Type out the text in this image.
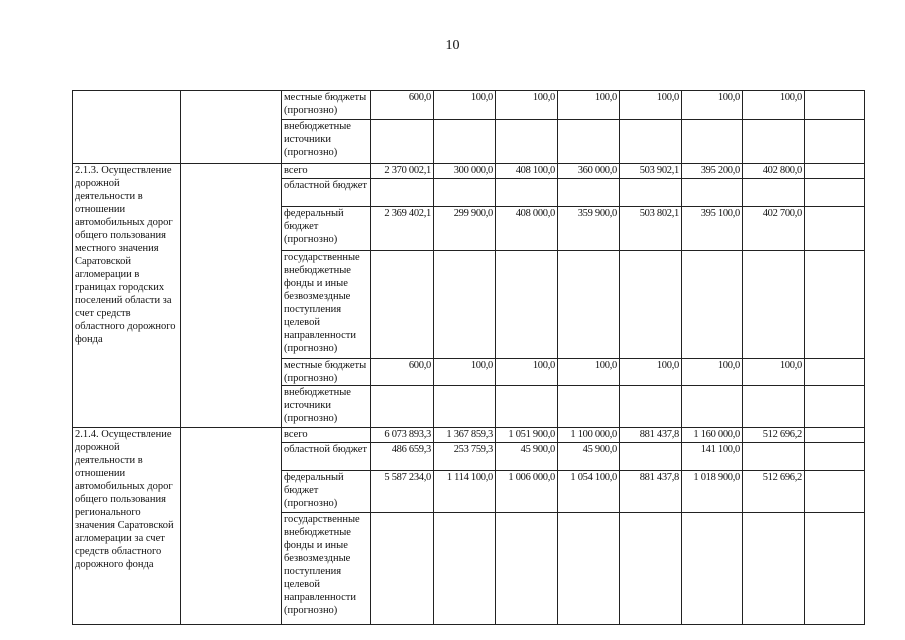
10
		местные бюджеты (прогнозно)	600,0	100,0	100,0	100,0	100,0	100,0	100,0	
		внебюджетные источники (прогнозно)								
2.1.3. Осуществление дорожной деятельности в отношении автомобильных дорог общего пользования местного значения Саратовской агломерации в границах городских поселений области за счет средств областного дорожного фонда		всего	2 370 002,1	300 000,0	408 100,0	360 000,0	503 902,1	395 200,0	402 800,0	
		областной бюджет								
		федеральный бюджет (прогнозно)	2 369 402,1	299 900,0	408 000,0	359 900,0	503 802,1	395 100,0	402 700,0	
		государственные внебюджетные фонды и иные безвозмездные поступления целевой направленности (прогнозно)								
		местные бюджеты (прогнозно)	600,0	100,0	100,0	100,0	100,0	100,0	100,0	
		внебюджетные источники (прогнозно)								
2.1.4. Осуществление дорожной деятельности в отношении автомобильных дорог общего пользования регионального значения Саратовской агломерации за счет средств областного дорожного фонда		всего	6 073 893,3	1 367 859,3	1 051 900,0	1 100 000,0	881 437,8	1 160 000,0	512 696,2	
		областной бюджет	486 659,3	253 759,3	45 900,0	45 900,0		141 100,0		
		федеральный бюджет (прогнозно)	5 587 234,0	1 114 100,0	1 006 000,0	1 054 100,0	881 437,8	1 018 900,0	512 696,2	
		государственные внебюджетные фонды и иные безвозмездные поступления целевой направленности (прогнозно)								
